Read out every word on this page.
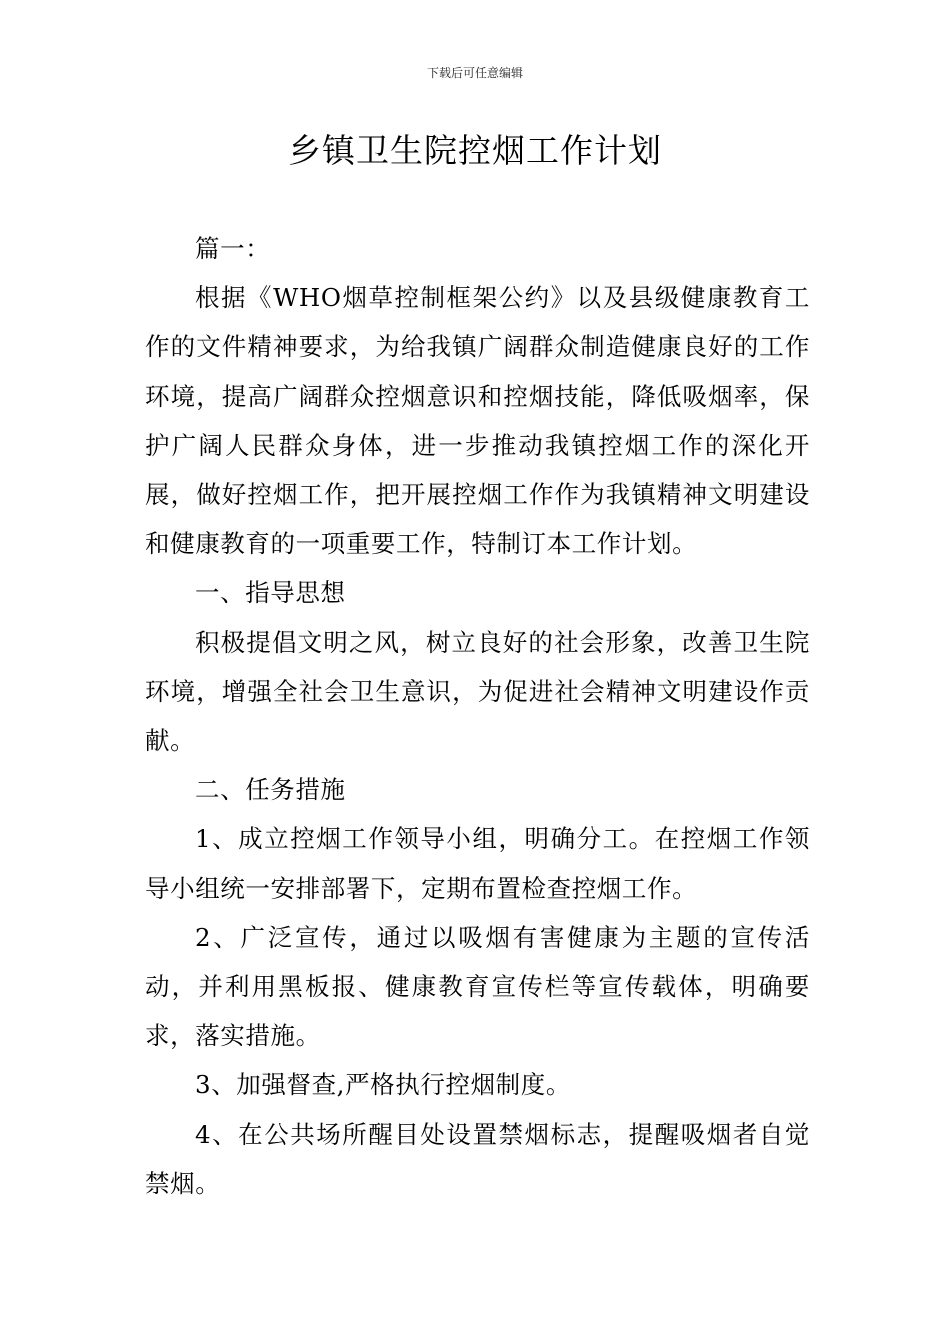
下载后可任意编辑
乡镇卫生院控烟工作计划

篇一：

根据《WHO烟草控制框架公约》以及县级健康教育工作的文件精神要求，为给我镇广阔群众制造健康良好的工作环境，提高广阔群众控烟意识和控烟技能，降低吸烟率，保护广阔人民群众身体，进一步推动我镇控烟工作的深化开展，做好控烟工作，把开展控烟工作作为我镇精神文明建设和健康教育的一项重要工作，特制订本工作计划。

一、指导思想

积极提倡文明之风，树立良好的社会形象，改善卫生院环境，增强全社会卫生意识，为促进社会精神文明建设作贡献。

二、任务措施

1、成立控烟工作领导小组，明确分工。在控烟工作领导小组统一安排部署下，定期布置检查控烟工作。

2、广泛宣传，通过以吸烟有害健康为主题的宣传活动，并利用黑板报、健康教育宣传栏等宣传载体，明确要求，落实措施。

3、加强督查,严格执行控烟制度。

4、在公共场所醒目处设置禁烟标志，提醒吸烟者自觉禁烟。
